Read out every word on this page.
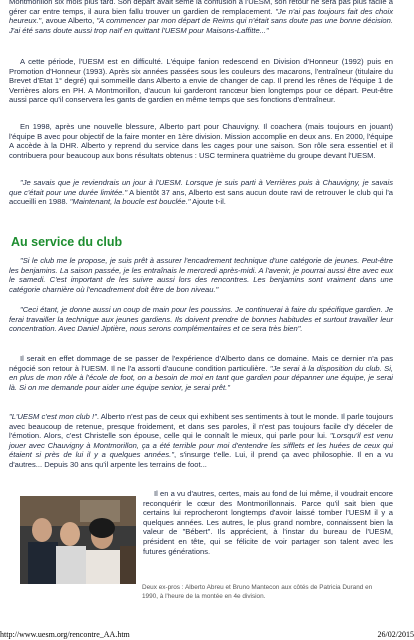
Montmorillon six mois plus tard. Son départ avait semé la confusion à l'UESM, son retour ne sera pas plus facile à gérer car entre temps, il aura bien fallu trouver un gardien de remplacement. "Je n'ai pas toujours fait des choix heureux.", avoue Alberto, "A commencer par mon départ de Reims qui n'était sans doute pas une bonne décision. J'ai été sans doute aussi trop naïf en quittant l'UESM pour Maisons-Laffitte..."
A cette période, l'UESM est en difficulté. L'équipe fanion redescend en Division d'Honneur (1992) puis en Promotion d'Honneur (1993). Après six années passées sous les couleurs des macarons, l'entraîneur (titulaire du Brevet d'Etat 1° degré) qui sommeille dans Alberto a envie de changer de cap. Il prend les rênes de l'équipe 1 de Verrières alors en PH. A Montmorillon, d'aucun lui garderont rancœur bien longtemps pour ce départ. Peut-être aussi parce qu'il conservera les gants de gardien en même temps que ses fonctions d'entraîneur.
En 1998, après une nouvelle blessure, Alberto part pour Chauvigny. Il coachera (mais toujours en jouant) l'équipe B avec pour objectif de la faire monter en 1ère division. Mission accomplie en deux ans. En 2000, l'équipe A accède à la DHR. Alberto y reprend du service dans les cages pour une saison. Son rôle sera essentiel et il contribuera pour beaucoup aux bons résultats obtenus : USC terminera quatrième du groupe devant l'UESM.
"Je savais que je reviendrais un jour à l'UESM. Lorsque je suis parti à Verrières puis à Chauvigny, je savais que c'était pour une durée limitée." A bientôt 37 ans, Alberto est sans aucun doute ravi de retrouver le club qui l'a accueilli en 1988. "Maintenant, la boucle est bouclée." Ajoute t-il.
Au service du club
"Si le club me le propose, je suis prêt à assurer l'encadrement technique d'une catégorie de jeunes. Peut-être les benjamins. La saison passée, je les entraînais le mercredi après-midi. A l'avenir, je pourrai aussi être avec eux le samedi. C'est important de les suivre aussi lors des rencontres. Les benjamins sont vraiment dans une catégorie charnière où l'encadrement doit être de bon niveau."
"Ceci étant, je donne aussi un coup de main pour les poussins. Je continuerai à faire du spécifique gardien. Je ferai travailler la technique aux jeunes gardiens. Ils doivent prendre de bonnes habitudes et surtout travailler leur concentration. Avec Daniel Jiptière, nous serons complémentaires et ce sera très bien".
Il serait en effet dommage de se passer de l'expérience d'Alberto dans ce domaine. Mais ce dernier n'a pas négocié son retour à l'UESM. Il ne l'a assorti d'aucune condition particulière. "Je serai à la disposition du club. Si, en plus de mon rôle à l'école de foot, on a besoin de moi en tant que gardien pour dépanner une équipe, je serai là. Si on me demande pour aider une équipe senior, je serai prêt."
"L'UESM c'est mon club !". Alberto n'est pas de ceux qui exhibent ses sentiments à tout le monde. Il parle toujours avec beaucoup de retenue, presque froidement, et dans ses paroles, il n'est pas toujours facile d'y déceler de l'émotion. Alors, c'est Christelle son épouse, celle qui le connaît le mieux, qui parle pour lui. "Lorsqu'il est venu jouer avec Chauvigny à Montmorillon, ça a été terrible pour moi d'entendre les sifflets et les huées de ceux qui étaient si près de lui il y a quelques années.", s'insurge t'elle. Lui, il prend ça avec philosophie. Il en a vu d'autres... Depuis 30 ans qu'il arpente les terrains de foot...
Il en a vu d'autres, certes, mais au fond de lui même, il voudrait encore reconquérir le cœur des Montmorillonnais. Parce qu'il sait bien que certains lui reprocheront longtemps d'avoir laissé tomber l'UESM il y a quelques années. Les autres, le plus grand nombre, connaissent bien la valeur de "Bébert". Ils apprécient, à l'instar du bureau de l'UESM, président en tête, qui se félicite de voir partager son talent avec les futures générations.

Deux ex-pros : Alberto Abreu et Bruno Mantecon aux côtés de Patricia Durand en 1990, à l'heure de la montée en 4e division.

http://www.uesm.org/rencontre_AA.htm	26/02/2015
